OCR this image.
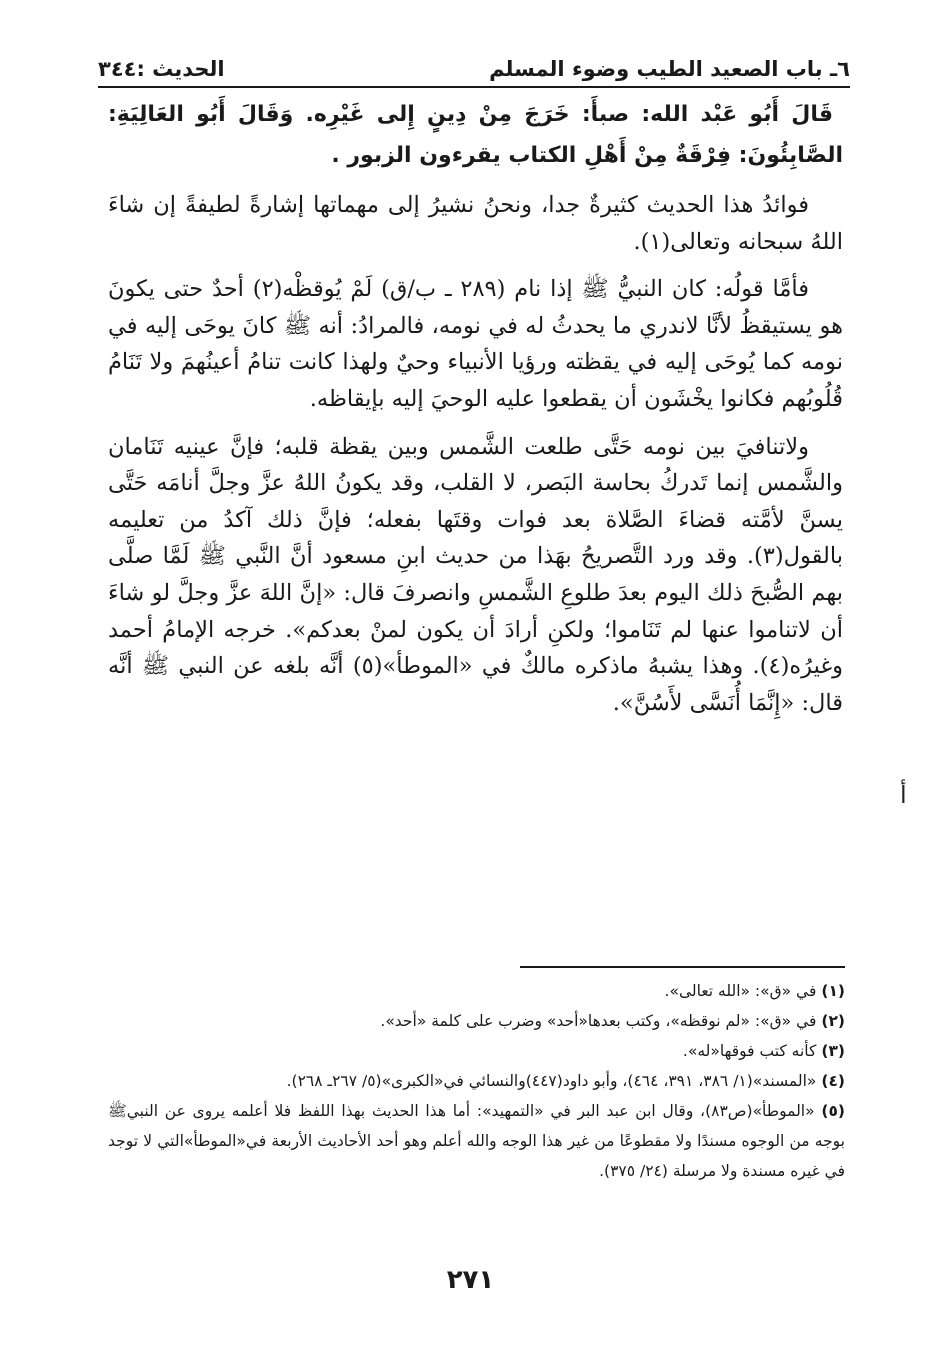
٦ـ باب الصعيد الطيب وضوء المسلم
الحديث :٣٤٤

قَالَ أَبُو عَبْد الله: صبأَ: خَرَجَ مِنْ دِينٍ إِلى غَيْرِه. وَقَالَ أَبُو العَالِيَةِ: الصَّابِئُونَ: فِرْقَةٌ مِنْ أَهْلِ الكتاب يقرءون الزبور .

فوائدُ هذا الحديث كثيرةٌ جدا، ونحنُ نشيرُ إلى مهماتها إشارةً لطيفةً إن شاءَ اللهُ سبحانه وتعالى(١).

فأمَّا قولُه: كان النبيُّ ﷺ إذا نام (٢٨٩ ـ ب/ق) لَمْ يُوقظْه(٢) أحدٌ حتى يكونَ هو يستيقظُ لأنَّا لاندري ما يحدثُ له في نومه، فالمرادُ: أنه ﷺ كانَ يوحَى إليه في نومه كما يُوحَى إليه في يقظته ورؤيا الأنبياء وحيٌ ولهذا كانت تنامُ أعينُهمَ ولا تَنَامُ قُلُوبُهم فكانوا يخْشَون أن يقطعوا عليه الوحيَ إليه بإيقاظه.

ولاتنافيَ بين نومه حَتَّى طلعت الشَّمس وبين يقظة قلبه؛ فإنَّ عينيه تَنَامان والشَّمس إنما تَدركُ بحاسة البَصر، لا القلب، وقد يكونُ اللهُ عزَّ وجلَّ أنامَه حَتَّى يسنَّ لأمَّته قضاءَ الصَّلاة بعد فوات وقتَها بفعله؛ فإنَّ ذلك آكدُ من تعليمه بالقول(٣). وقد ورد التَّصريحُ بهَذا من حديث ابنِ مسعود أنَّ النَّبي ﷺ لَمَّا صلَّى بهم الصُّبحَ ذلك اليوم بعدَ طلوعِ الشَّمسِ وانصرفَ قال: «إنَّ اللهَ عزَّ وجلَّ لو شاءَ أن لاتناموا عنها لم تَنَاموا؛ ولكنِ أرادَ أن يكون لمنْ بعدكم». خرجه الإمامُ أحمد وغيرُه(٤). وهذا يشبهُ ماذكره مالكٌ في «الموطأ»(٥) أنَّه بلغه عن النبي ﷺ أنَّه قال: «إِنَّمَا أُنَسَّى لأَسُنَّ».

أ

(١) في «ق»: «الله تعالى».

(٢) في «ق»: «لم نوقظه»، وكتب بعدها«أحد» وضرب على كلمة «أحد».

(٣) كأنه كتب فوقها«له».

(٤) «المسند»(١/ ٣٨٦، ٣٩١، ٤٦٤)، وأبو داود(٤٤٧)والنسائي في«الكبرى»(٥/ ٢٦٧ـ ٢٦٨).

(٥) «الموطأ»(ص٨٣)، وقال ابن عبد البر في «التمهيد»: أما هذا الحديث بهذا اللفظ فلا أعلمه يروى عن النبيﷺ بوجه من الوجوه مسندًا ولا مقطوعًا من غير هذا الوجه والله أعلم وهو أحد الأحاديث الأربعة في«الموطأ»التي لا توجد في غيره مسندة ولا مرسلة (٢٤/ ٣٧٥).

٢٧١
